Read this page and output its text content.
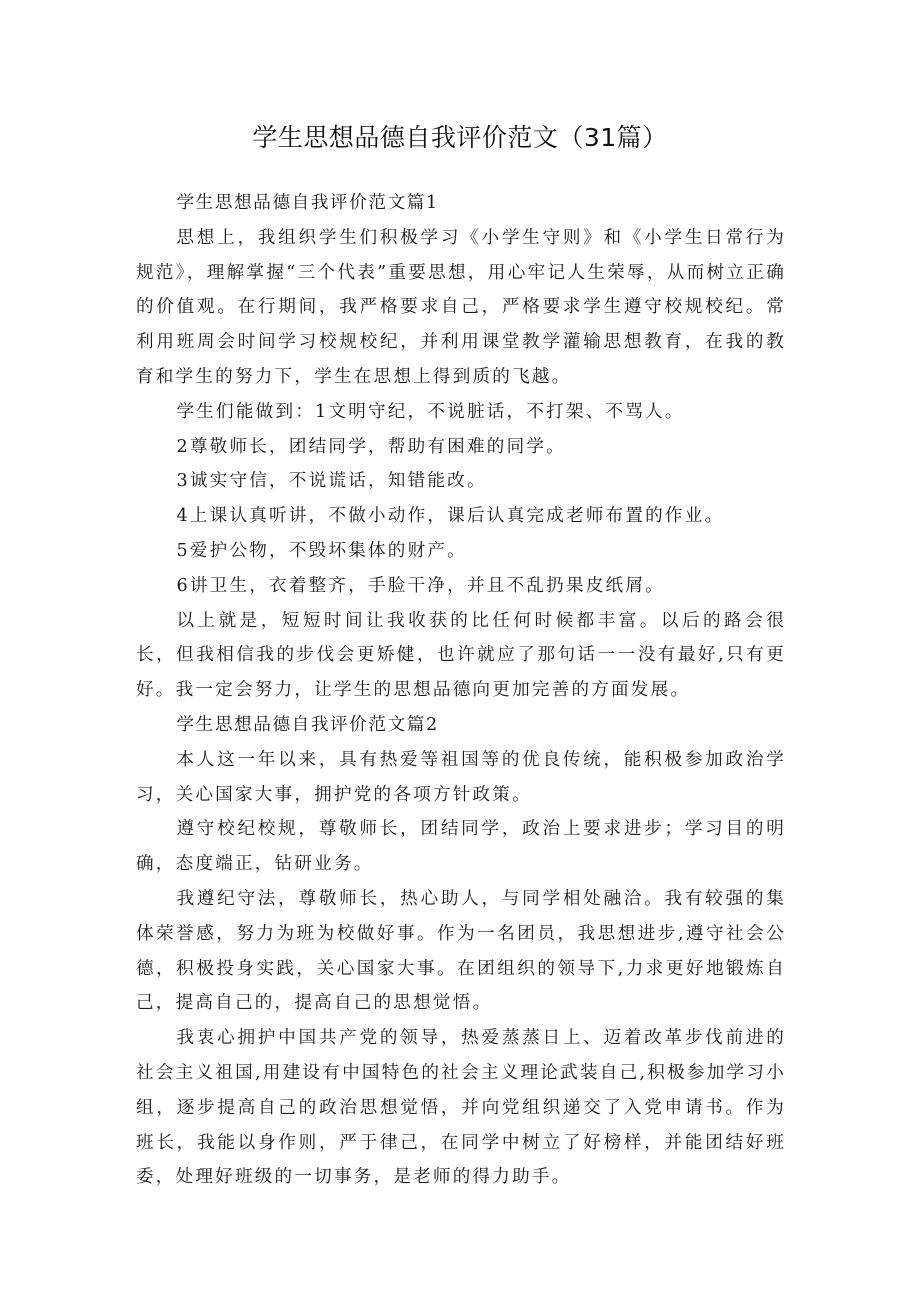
学生思想品德自我评价范文（31篇）

学生思想品德自我评价范文篇1

思想上，我组织学生们积极学习《小学生守则》和《小学生日常行为规范》，理解掌握“三个代表”重要思想，用心牢记人生荣辱，从而树立正确的价值观。在行期间，我严格要求自己，严格要求学生遵守校规校纪。常利用班周会时间学习校规校纪，并利用课堂教学灌输思想教育，在我的教育和学生的努力下，学生在思想上得到质的飞越。

学生们能做到：1文明守纪，不说脏话，不打架、不骂人。

2尊敬师长，团结同学，帮助有困难的同学。

3诚实守信，不说谎话，知错能改。

4上课认真听讲，不做小动作，课后认真完成老师布置的作业。

5爱护公物，不毁坏集体的财产。

6讲卫生，衣着整齐，手脸干净，并且不乱扔果皮纸屑。

以上就是，短短时间让我收获的比任何时候都丰富。以后的路会很长，但我相信我的步伐会更矫健，也许就应了那句话一一没有最好,只有更好。我一定会努力，让学生的思想品德向更加完善的方面发展。

学生思想品德自我评价范文篇2

本人这一年以来，具有热爱等祖国等的优良传统，能积极参加政治学习，关心国家大事，拥护党的各项方针政策。

遵守校纪校规，尊敬师长，团结同学，政治上要求进步；学习目的明确，态度端正，钻研业务。

我遵纪守法，尊敬师长，热心助人，与同学相处融洽。我有较强的集体荣誉感，努力为班为校做好事。作为一名团员，我思想进步,遵守社会公德，积极投身实践，关心国家大事。在团组织的领导下,力求更好地锻炼自己，提高自己的，提高自己的思想觉悟。

我衷心拥护中国共产党的领导，热爱蒸蒸日上、迈着改革步伐前进的社会主义祖国,用建设有中国特色的社会主义理论武装自己,积极参加学习小组，逐步提高自己的政治思想觉悟，并向党组织递交了入党申请书。作为班长，我能以身作则，严于律己，在同学中树立了好榜样，并能团结好班委，处理好班级的一切事务，是老师的得力助手。
